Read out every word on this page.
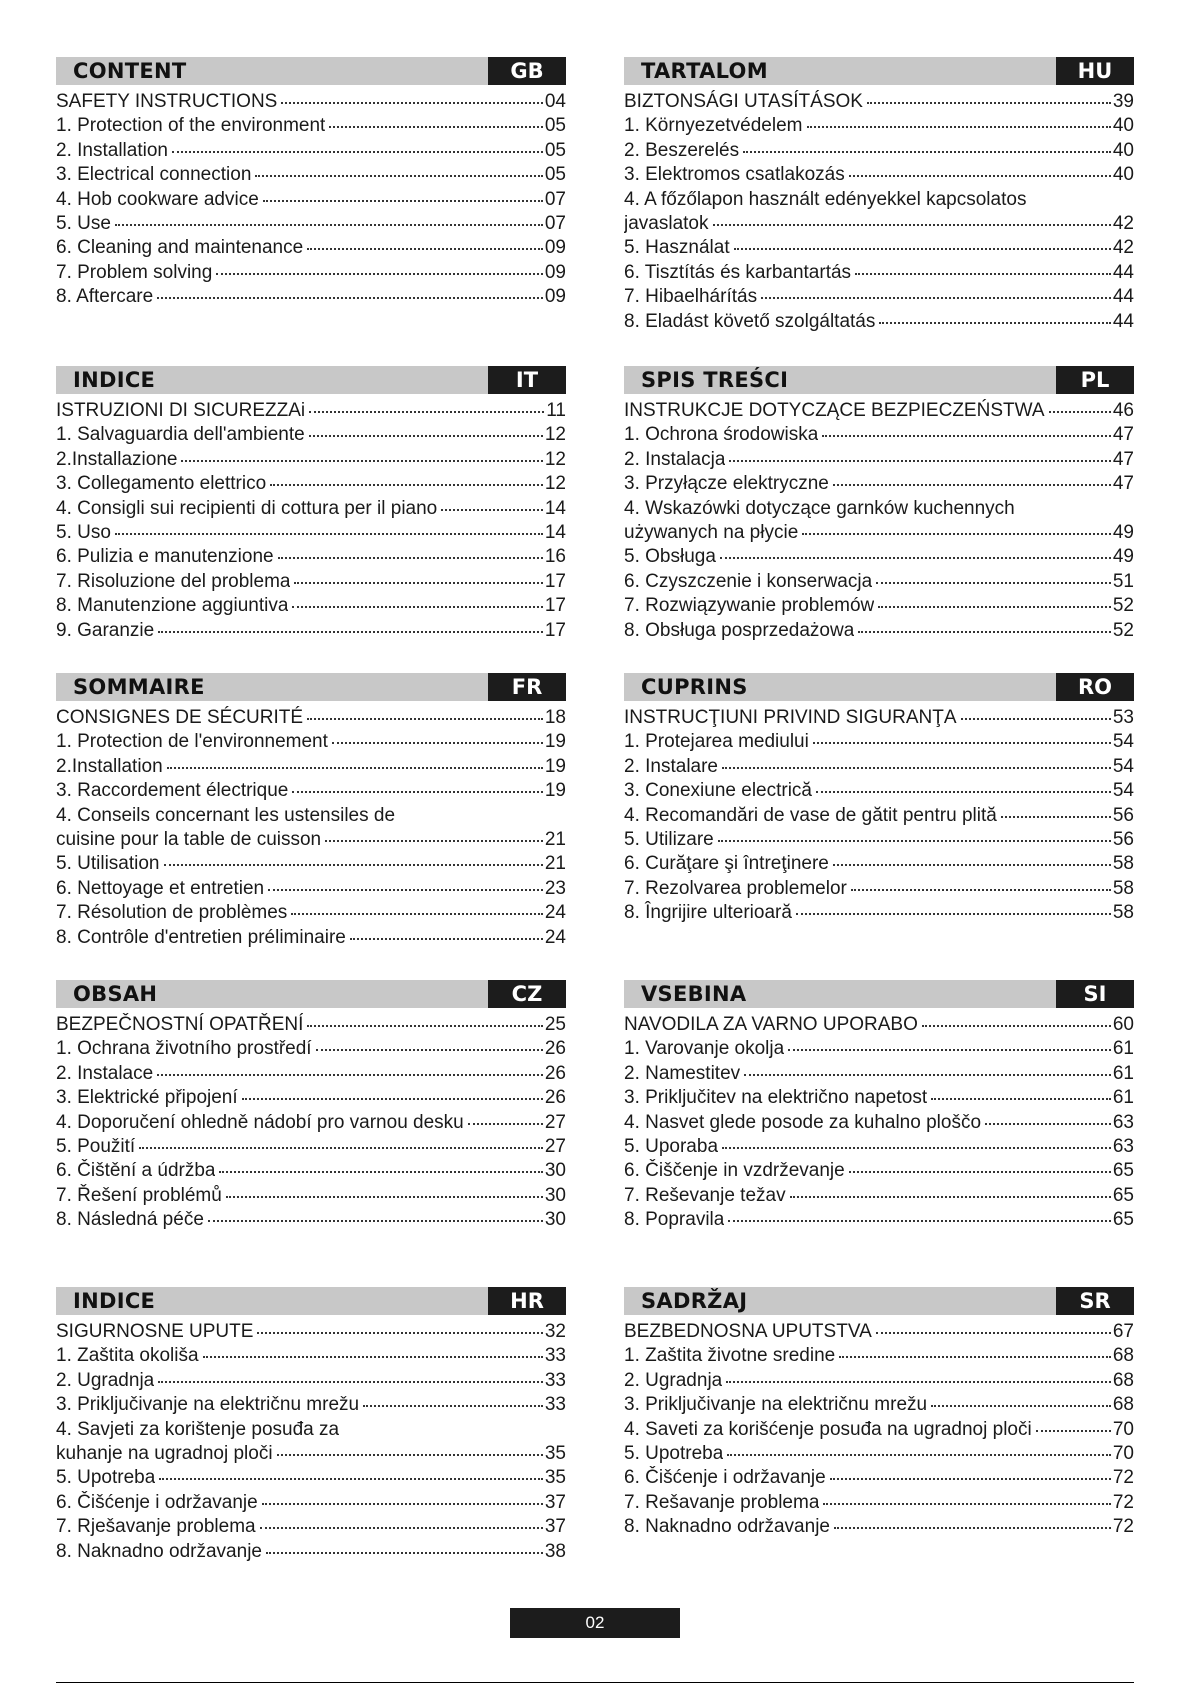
CONTENT	GB
SAFETY INSTRUCTIONS	04
1. Protection of the environment	05
2. Installation	05
3. Electrical connection	05
4. Hob cookware advice	07
5. Use	07
6. Cleaning and maintenance	09
7. Problem solving	09
8. Aftercare	09
TARTALOM	HU
BIZTONSÁGI UTASÍTÁSOK	39
1. Környezetvédelem	40
2. Beszerelés	40
3. Elektromos csatlakozás	40
4. A főzőlapon használt edényekkel kapcsolatos
javaslatok	42
5. Használat	42
6. Tisztítás és karbantartás	44
7. Hibaelhárítás	44
8. Eladást követő szolgáltatás	44
INDICE	IT
ISTRUZIONI DI SICUREZZAi	11
1. Salvaguardia dell'ambiente	12
2.Installazione	12
3. Collegamento elettrico	12
4. Consigli sui recipienti di cottura per il piano	14
5. Uso	14
6. Pulizia e manutenzione	16
7. Risoluzione del problema	17
8. Manutenzione aggiuntiva	17
9. Garanzie	17
SPIS TREŚCI	PL
INSTRUKCJE DOTYCZĄCE BEZPIECZEŃSTWA	46
1. Ochrona środowiska	47
2. Instalacja	47
3. Przyłącze elektryczne	47
4. Wskazówki dotyczące garnków kuchennych
używanych na płycie	49
5. Obsługa	49
6. Czyszczenie i konserwacja	51
7. Rozwiązywanie problemów	52
8. Obsługa posprzedażowa	52
SOMMAIRE	FR
CONSIGNES DE SÉCURITÉ	18
1. Protection de l'environnement	19
2.Installation	19
3. Raccordement électrique	19
4. Conseils concernant les ustensiles de
cuisine pour la table de cuisson	21
5. Utilisation	21
6. Nettoyage et entretien	23
7. Résolution de problèmes	24
8. Contrôle d'entretien préliminaire	24
CUPRINS	RO
INSTRUCŢIUNI PRIVIND SIGURANŢA	53
1. Protejarea mediului	54
2. Instalare	54
3. Conexiune electrică	54
4. Recomandări de vase de gătit pentru plită	56
5. Utilizare	56
6. Curăţare şi întreţinere	58
7. Rezolvarea problemelor	58
8. Îngrijire ulterioară	58
OBSAH	CZ
BEZPEČNOSTNÍ OPATŘENÍ	25
1. Ochrana životního prostředí	26
2. Instalace	26
3. Elektrické připojení	26
4. Doporučení ohledně nádobí pro varnou desku	27
5. Použití	27
6. Čištění a údržba	30
7. Řešení problémů	30
8. Následná péče	30
VSEBINA	SI
NAVODILA ZA VARNO UPORABO	60
1. Varovanje okolja	61
2. Namestitev	61
3. Priključitev na električno napetost	61
4. Nasvet glede posode za kuhalno ploščo	63
5. Uporaba	63
6. Čiščenje in vzdrževanje	65
7. Reševanje težav	65
8. Popravila	65
INDICE	HR
SIGURNOSNE UPUTE	32
1. Zaštita okoliša	33
2. Ugradnja	33
3. Priključivanje na električnu mrežu	33
4. Savjeti za korištenje posuđa za
kuhanje na ugradnoj ploči	35
5. Upotreba	35
6. Čišćenje i održavanje	37
7. Rješavanje problema	37
8. Naknadno održavanje	38
SADRŽAJ	SR
BEZBEDNOSNA UPUTSTVA	67
1. Zaštita životne sredine	68
2. Ugradnja	68
3. Priključivanje na električnu mrežu	68
4. Saveti za korišćenje posuđa na ugradnoj ploči	70
5. Upotreba	70
6. Čišćenje i održavanje	72
7. Rešavanje problema	72
8. Naknadno održavanje	72
02
